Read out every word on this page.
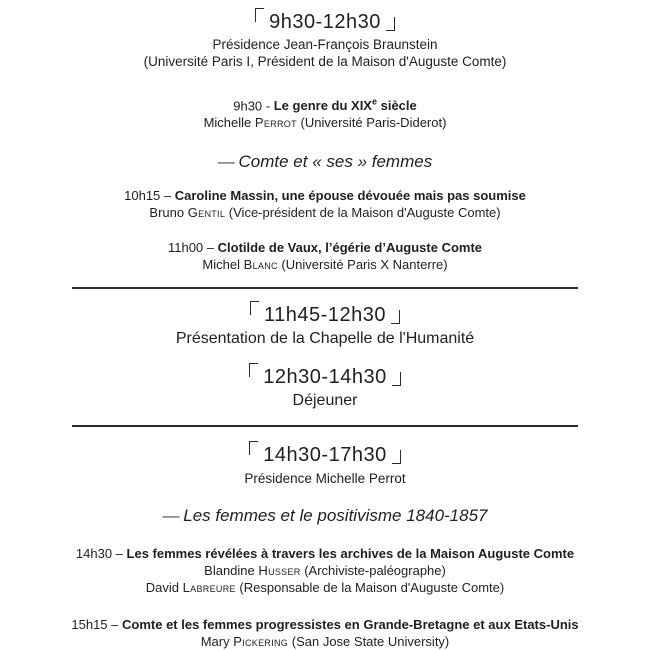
9h30-12h30
Présidence Jean-François Braunstein
(Université Paris I, Président de la Maison d'Auguste Comte)
9h30 - Le genre du XIXe siècle
Michelle Perrot (Université Paris-Diderot)
— Comte et « ses » femmes
10h15 – Caroline Massin, une épouse dévouée mais pas soumise
Bruno Gentil (Vice-président de la Maison d'Auguste Comte)
11h00 – Clotilde de Vaux, l’égérie d’Auguste Comte
Michel Blanc (Université Paris X Nanterre)
11h45-12h30
Présentation de la Chapelle de l'Humanité
12h30-14h30
Déjeuner
14h30-17h30
Présidence Michelle Perrot
— Les femmes et le positivisme 1840-1857
14h30 – Les femmes révélées à travers les archives de la Maison Auguste Comte
Blandine Husser (Archiviste-paléographe)
David Labreure (Responsable de la Maison d'Auguste Comte)
15h15 – Comte et les femmes progressistes en Grande-Bretagne et aux Etats-Unis
Mary Pickering (San Jose State University)
